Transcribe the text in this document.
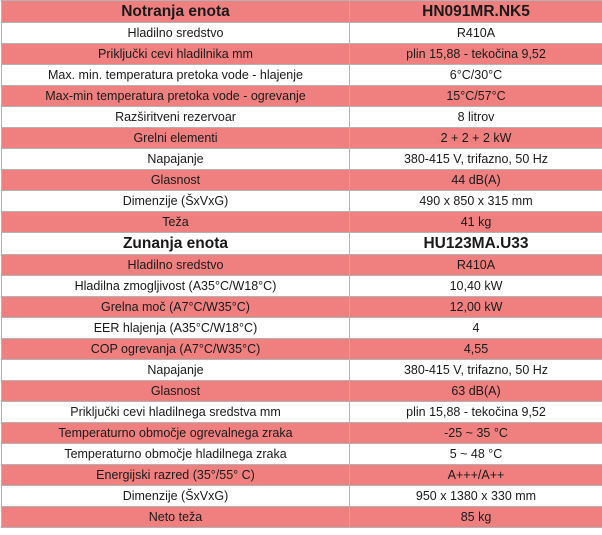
Notranja enota	HN091MR.NK5
Hladilno sredstvo	R410A
Priključki cevi hladilnika mm	plin 15,88 - tekočina 9,52
Max. min. temperatura pretoka vode - hlajenje	6°C/30°C
Max-min temperatura pretoka vode - ogrevanje	15°C/57°C
Razširitveni rezervoar	8 litrov
Grelni elementi	2 + 2 + 2 kW
Napajanje	380-415 V, trifazno, 50 Hz
Glasnost	44 dB(A)
Dimenzije (ŠxVxG)	490 x 850 x 315 mm
Teža	41 kg
Zunanja enota	HU123MA.U33
Hladilno sredstvo	R410A
Hladilna zmogljivost (A35°C/W18°C)	10,40 kW
Grelna moč (A7°C/W35°C)	12,00 kW
EER hlajenja (A35°C/W18°C)	4
COP ogrevanja (A7°C/W35°C)	4,55
Napajanje	380-415 V, trifazno, 50 Hz
Glasnost	63 dB(A)
Priključki cevi hladilnega sredstva mm	plin 15,88 - tekočina 9,52
Temperaturno območje ogrevalnega zraka	-25 ~ 35 °C
Temperaturno območje hladilnega zraka	5 ~ 48 °C
Energijski razred (35°/55° C)	A+++/A++
Dimenzije (ŠxVxG)	950 x 1380 x 330 mm
Neto teža	85 kg
